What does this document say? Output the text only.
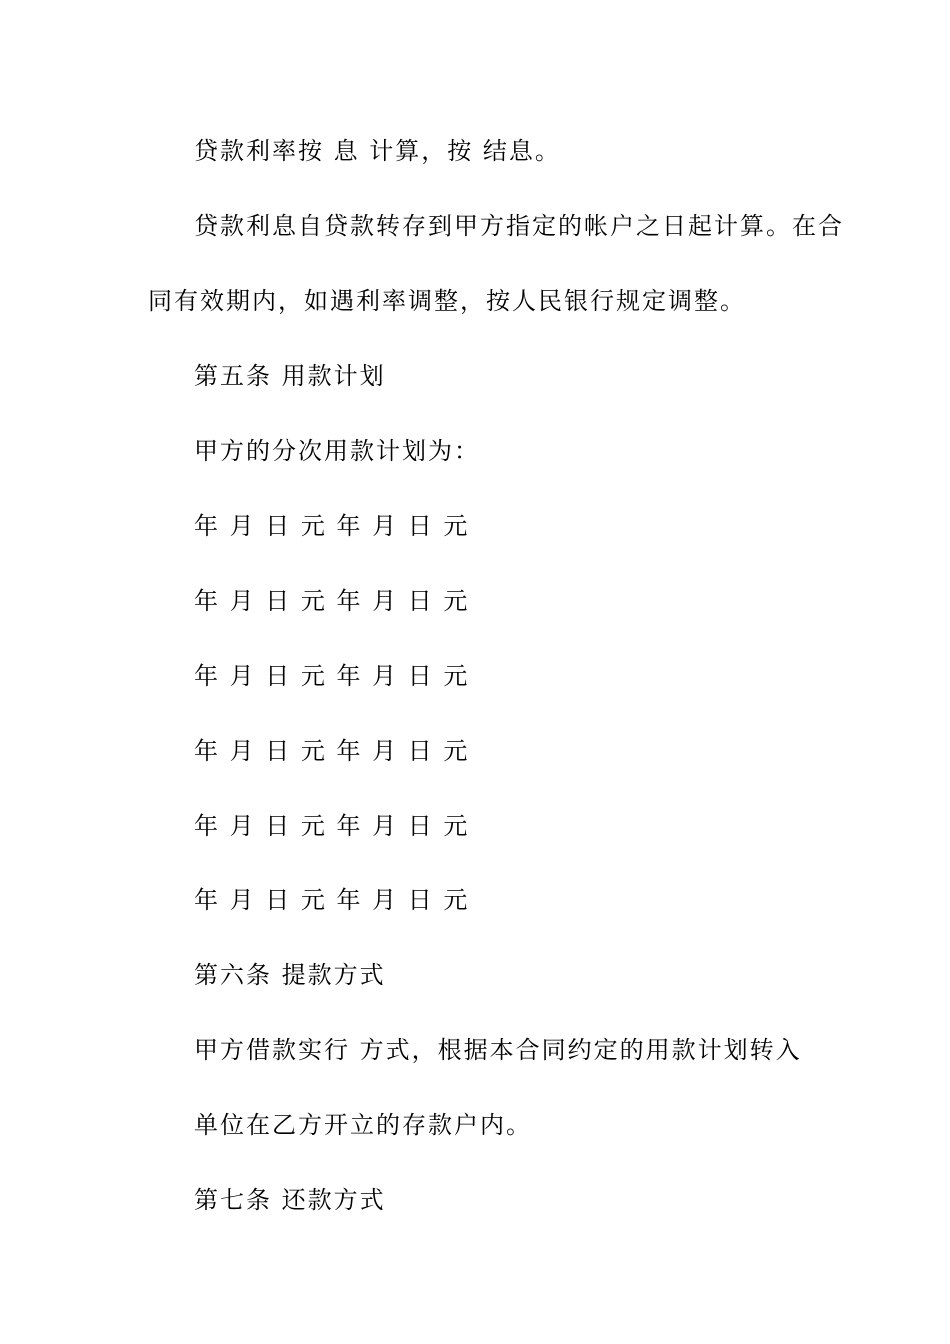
贷款利率按 息 计算，按 结息。
贷款利息自贷款转存到甲方指定的帐户之日起计算。在合
同有效期内，如遇利率调整，按人民银行规定调整。
第五条 用款计划
甲方的分次用款计划为：
年 月 日 元 年 月 日 元
年 月 日 元 年 月 日 元
年 月 日 元 年 月 日 元
年 月 日 元 年 月 日 元
年 月 日 元 年 月 日 元
年 月 日 元 年 月 日 元
第六条 提款方式
甲方借款实行 方式，根据本合同约定的用款计划转入
单位在乙方开立的存款户内。
第七条 还款方式
